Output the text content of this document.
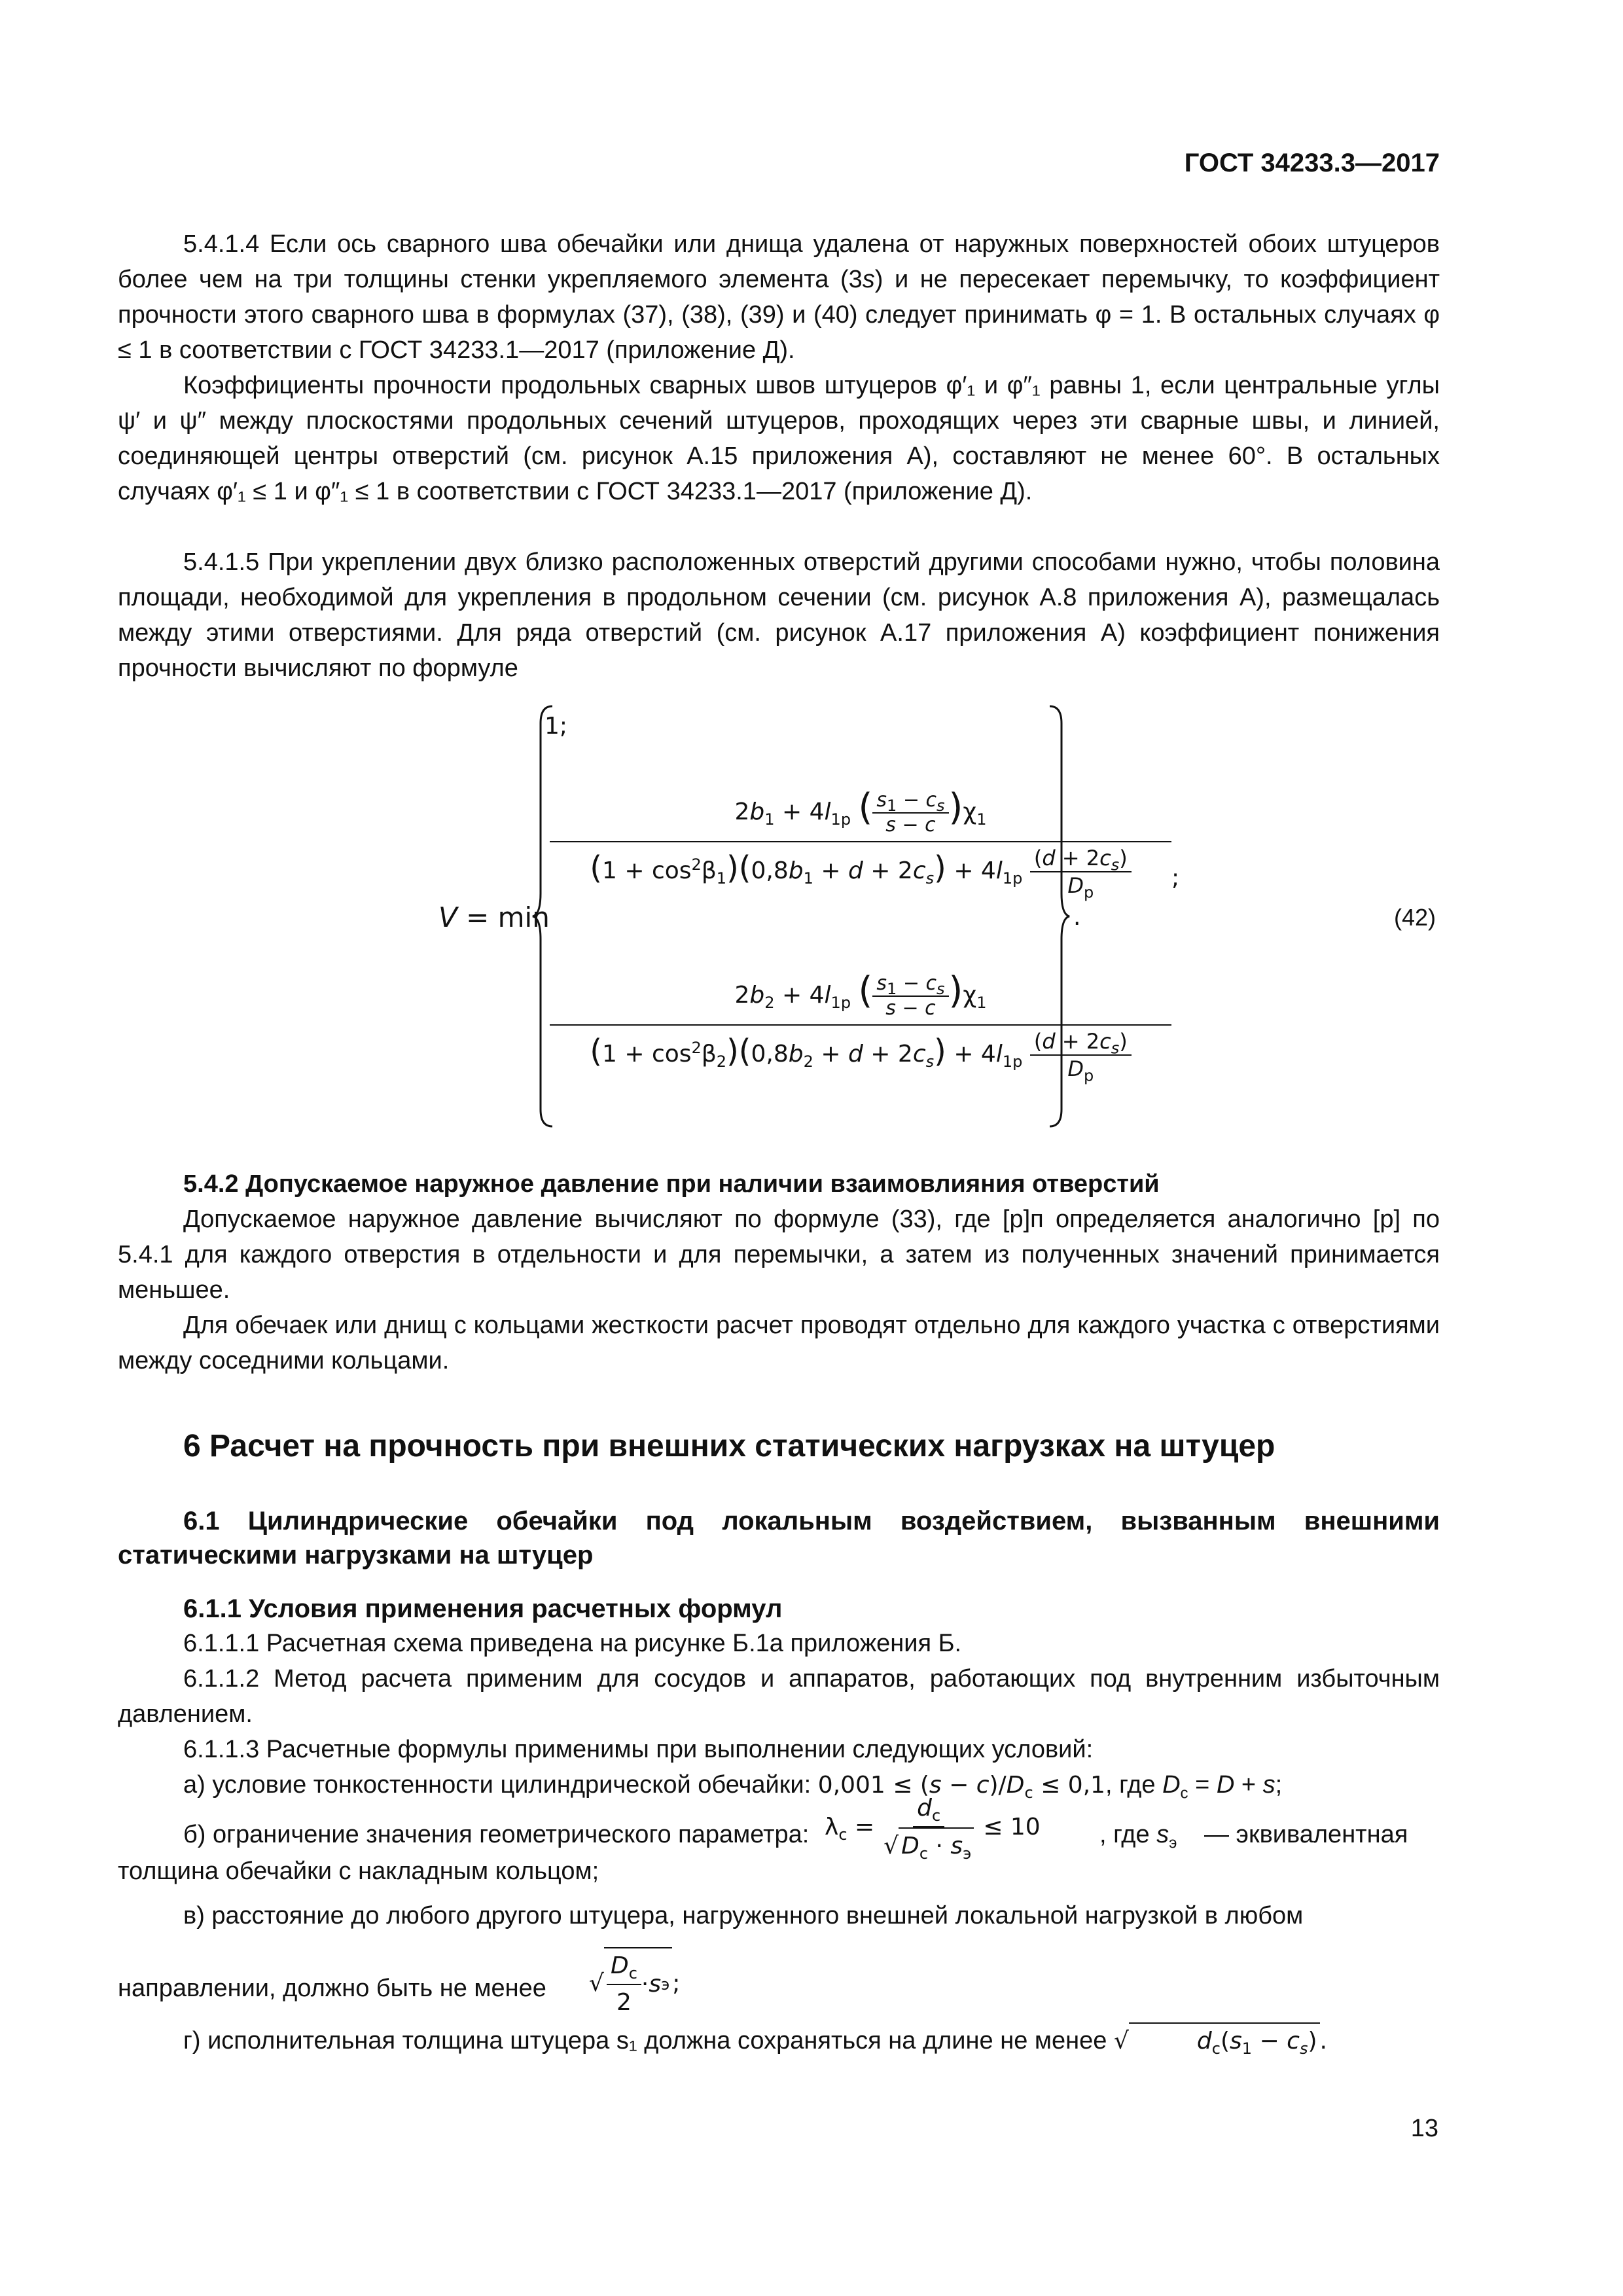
ГОСТ 34233.3—2017

5.4.1.4 Если ось сварного шва обечайки или днища удалена от наружных поверхностей обоих штуцеров более чем на три толщины стенки укрепляемого элемента (3s) и не пересекает перемычку, то коэффициент прочности этого сварного шва в формулах (37), (38), (39) и (40) следует принимать φ = 1. В остальных случаях φ ≤ 1 в соответствии с ГОСТ 34233.1—2017 (приложение Д).

Коэффициенты прочности продольных сварных швов штуцеров φ′₁ и φ″₁ равны 1, если центральные углы ψ′ и ψ″ между плоскостями продольных сечений штуцеров, проходящих через эти сварные швы, и линией, соединяющей центры отверстий (см. рисунок А.15 приложения А), составляют не менее 60°. В остальных случаях φ′₁ ≤ 1 и φ″₁ ≤ 1 в соответствии с ГОСТ 34233.1—2017 (приложение Д).

5.4.1.5 При укреплении двух близко расположенных отверстий другими способами нужно, чтобы половина площади, необходимой для укрепления в продольном сечении (см. рисунок А.8 приложения А), размещалась между этими отверстиями. Для ряда отверстий (см. рисунок А.17 приложения А) коэффициент понижения прочности вычисляют по формуле

V = min
1;
$2b_1 + 4l_{1p}$ ( $\frac{s_1 - c_s}{s - c} )\chi_1$
$(1 + \cos^2\beta_1)(0,8b_1 + d + 2c_s) + 4l_{1p} \frac{(d + 2c_s)}{D_p}$ ;
$2b_2 + 4l_{1p}$ ( $\frac{s_1 - c_s}{s - c} )\chi_1$
$(1 + \cos^2\beta_2)(0,8b_2 + d + 2c_s) + 4l_{1p} \frac{(d + 2c_s)}{D_p}$
.	(42)

5.4.2 Допускаемое наружное давление при наличии взаимовлияния отверстий

Допускаемое наружное давление вычисляют по формуле (33), где [p]п определяется аналогично [p] по 5.4.1 для каждого отверстия в отдельности и для перемычки, а затем из полученных значений принимается меньшее.

Для обечаек или днищ с кольцами жесткости расчет проводят отдельно для каждого участка с отверстиями между соседними кольцами.

6 Расчет на прочность при внешних статических нагрузках на штуцер

6.1 Цилиндрические обечайки под локальным воздействием, вызванным внешними статическими нагрузками на штуцер

6.1.1 Условия применения расчетных формул

6.1.1.1 Расчетная схема приведена на рисунке Б.1а приложения Б.

6.1.1.2 Метод расчета применим для сосудов и аппаратов, работающих под внутренним избыточным давлением.

6.1.1.3 Расчетные формулы применимы при выполнении следующих условий:

а) условие тонкостенности цилиндрической обечайки: $0,001 \le (s - c)/D_c \le 0,1$, где $D_c = D + s$;

б) ограничение значения геометрического параметра: $\lambda_c = \frac{d_c}{√ D_c \cdot s_э} \le 10$ , где $s_э$ — эквивалентная
толщина обечайки с накладным кольцом;

в) расстояние до любого другого штуцера, нагруженного внешней локальной нагрузкой в любом

направлении, должно быть не менее √ $\frac{D_c}{2} \cdot s$ э ;

г) исполнительная толщина штуцера s₁ должна сохраняться на длине не менее √	$d_c(s_1 - c_s)$ .

13
